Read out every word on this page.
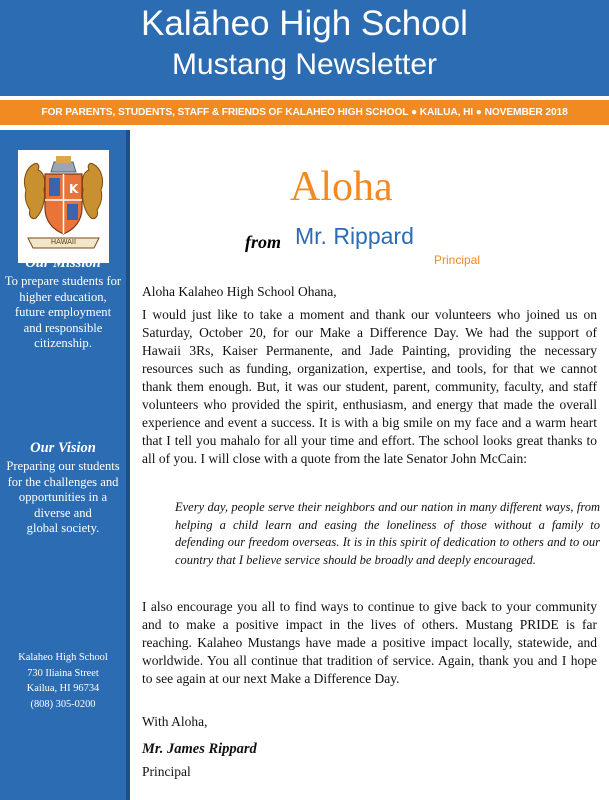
Kalāheo High School
Mustang Newsletter
FOR PARENTS, STUDENTS, STAFF & FRIENDS OF KALAHEO HIGH SCHOOL ● KAILUA, HI ● NOVEMBER 2018
K
HAWAII
Our Mission
To prepare students for
higher education,
future employment
and responsible
citizenship.
Our Vision
Preparing our students
for the challenges and
opportunities in a
diverse and
global society.
Kalaheo High School
730 Iliaina Street
Kailua, HI 96734
(808) 305-0200
Aloha
from Mr. Rippard
Principal
Aloha Kalaheo High School Ohana,
I would just like to take a moment and thank our volunteers who joined us on Saturday, October 20, for our Make a Difference Day. We had the support of Hawaii 3Rs, Kaiser Permanente, and Jade Painting, providing the necessary resources such as funding, organization, expertise, and tools, for that we cannot thank them enough. But, it was our student, parent, community, faculty, and staff volunteers who provided the spirit, enthusiasm, and energy that made the overall experience and event a success. It is with a big smile on my face and a warm heart that I tell you mahalo for all your time and effort. The school looks great thanks to all of you. I will close with a quote from the late Senator John McCain:
Every day, people serve their neighbors and our nation in many different ways, from helping a child learn and easing the loneliness of those without a family to defending our freedom overseas. It is in this spirit of dedication to others and to our country that I believe service should be broadly and deeply encouraged.
I also encourage you all to find ways to continue to give back to your community and to make a positive impact in the lives of others. Mustang PRIDE is far reaching. Kalaheo Mustangs have made a positive impact locally, statewide, and worldwide. You all continue that tradition of service. Again, thank you and I hope to see again at our next Make a Difference Day.
With Aloha,
Mr. James Rippard
Principal
